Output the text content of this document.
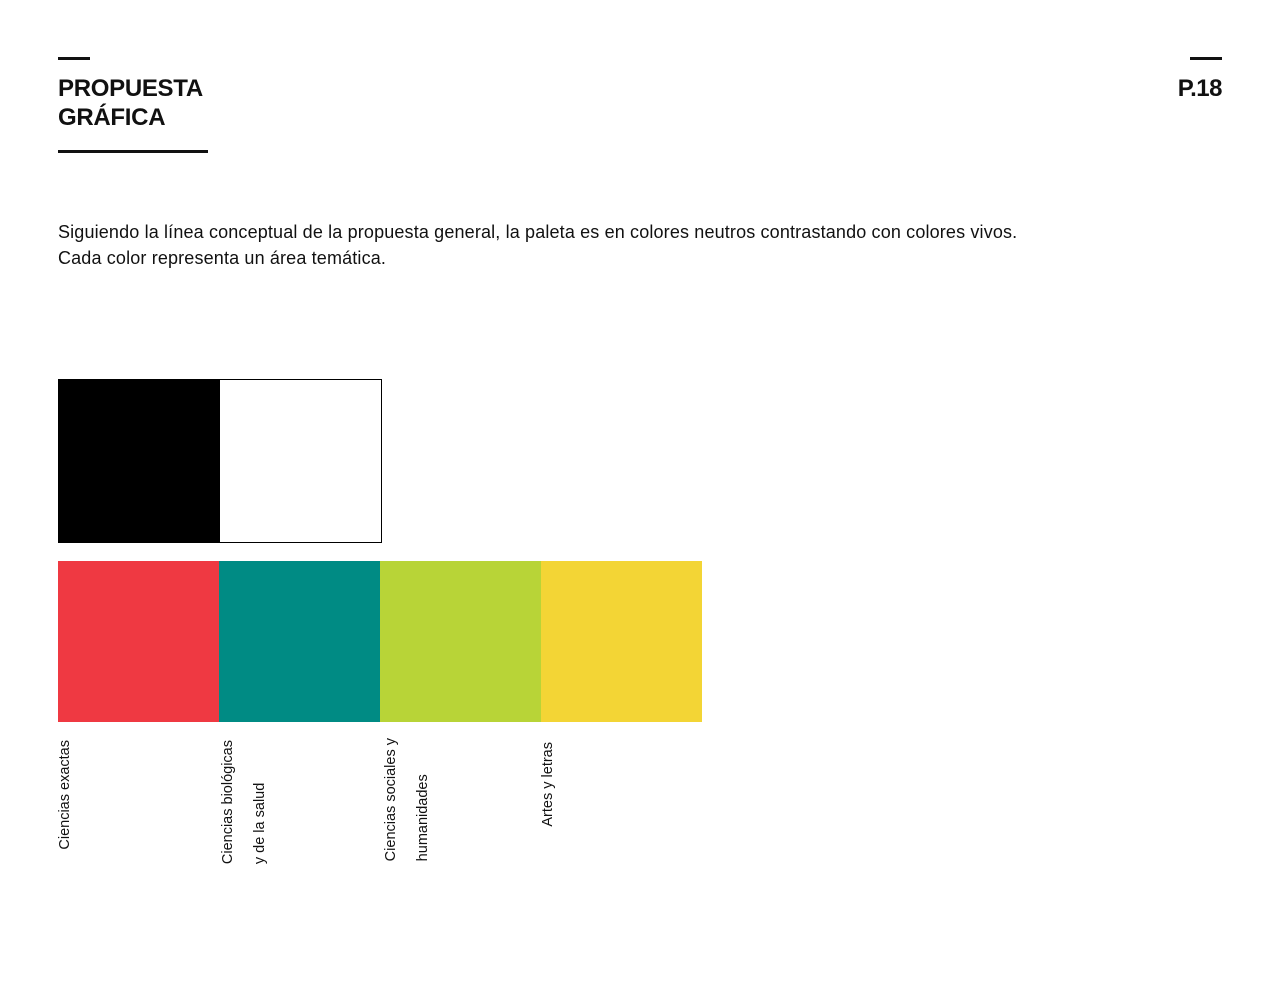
PROPUESTA
GRÁFICA
P.18
Siguiendo la línea conceptual de la propuesta general, la paleta es en colores neutros contrastando con colores vivos.
Cada color representa un área temática.
Ciencias exactas	Ciencias biológicas	y de la salud	Ciencias sociales y	humanidades	Artes y letras
